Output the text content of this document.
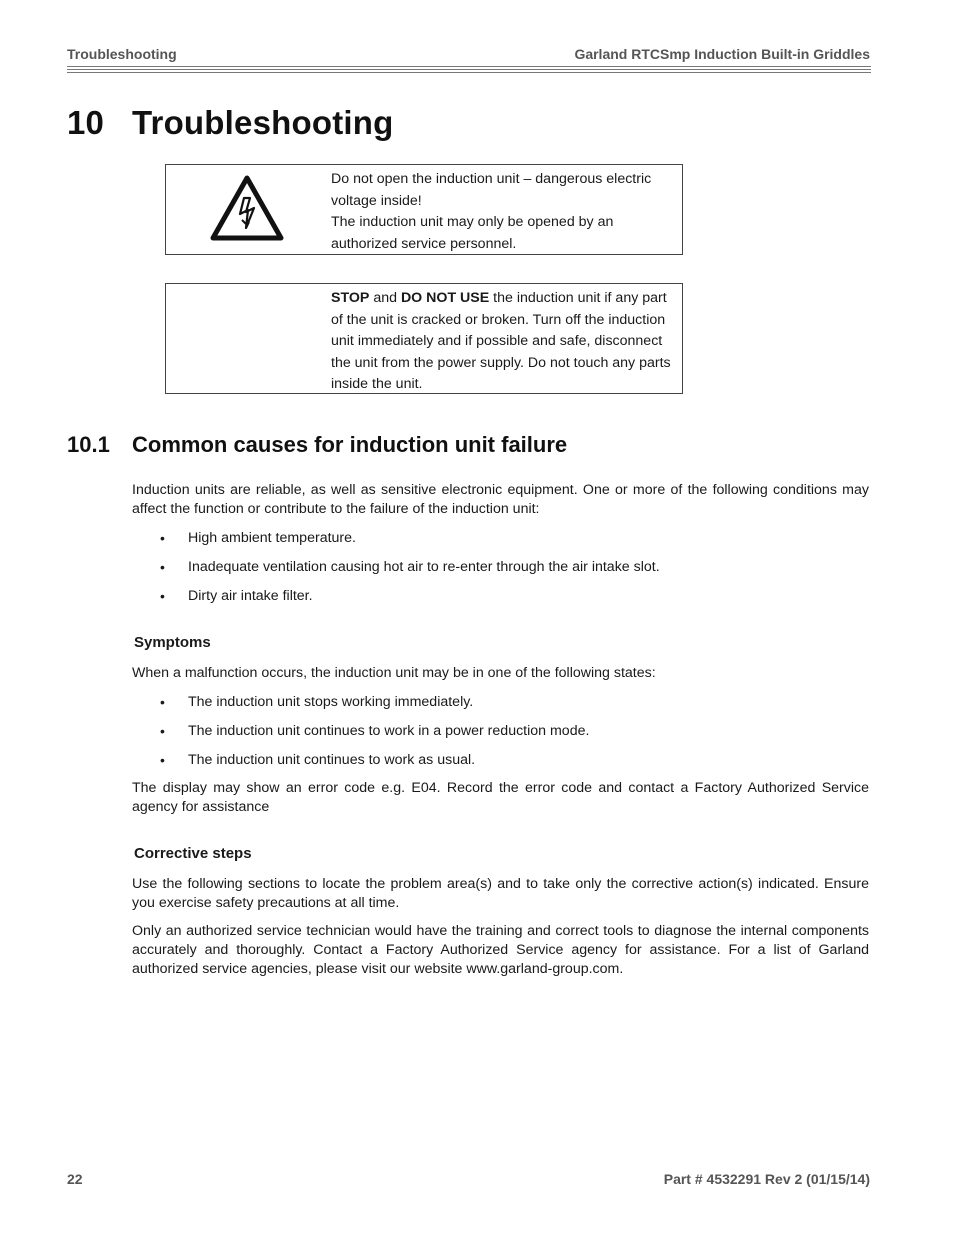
Troubleshooting	Garland RTCSmp Induction Built-in Griddles
10 Troubleshooting

Do not open the induction unit – dangerous electric voltage inside!

The induction unit may only be opened by an authorized service personnel.

STOP and DO NOT USE the induction unit if any part of the unit is cracked or broken. Turn off the induction unit immediately and if possible and safe, disconnect the unit from the power supply. Do not touch any parts inside the unit.

10.1 Common causes for induction unit failure

Induction units are reliable, as well as sensitive electronic equipment. One or more of the following conditions may affect the function or contribute to the failure of the induction unit:

• High ambient temperature.
• Inadequate ventilation causing hot air to re-enter through the air intake slot.
• Dirty air intake filter.
Symptoms

When a malfunction occurs, the induction unit may be in one of the following states:

• The induction unit stops working immediately.
• The induction unit continues to work in a power reduction mode.
• The induction unit continues to work as usual.

The display may show an error code e.g. E04. Record the error code and contact a Factory Authorized Service agency for assistance

Corrective steps

Use the following sections to locate the problem area(s) and to take only the corrective action(s) indicated. Ensure you exercise safety precautions at all time.

Only an authorized service technician would have the training and correct tools to diagnose the internal components accurately and thoroughly. Contact a Factory Authorized Service agency for assistance. For a list of Garland authorized service agencies, please visit our website www.garland-group.com.

22	Part # 4532291 Rev 2 (01/15/14)
